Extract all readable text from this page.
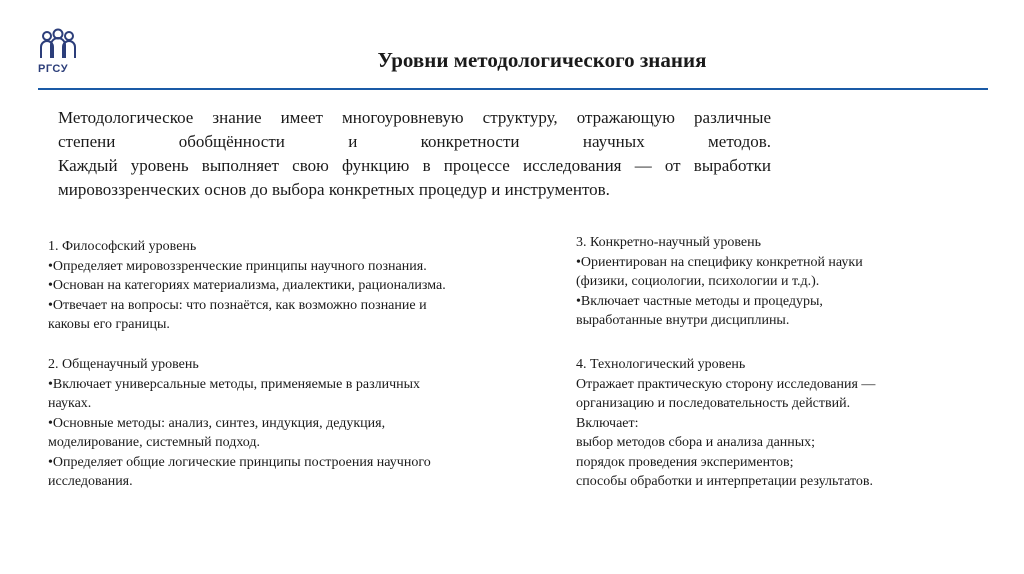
РГСУ	Уровни методологического знания
Методологическое знание имеет многоуровневую структуру, отражающую различные
степени обобщённости и конкретности научных методов.
Каждый уровень выполняет свою функцию в процессе исследования — от выработки
мировоззренческих основ до выбора конкретных процедур и инструментов.
1. Философский уровень
•Определяет мировоззренческие принципы научного познания.
•Основан на категориях материализма, диалектики, рационализма.
•Отвечает на вопросы: что познаётся, как возможно познание и
каковы его границы.
2. Общенаучный уровень
•Включает универсальные методы, применяемые в различных
науках.
•Основные методы: анализ, синтез, индукция, дедукция,
моделирование, системный подход.
•Определяет общие логические принципы построения научного
исследования.
3. Конкретно-научный уровень
•Ориентирован на специфику конкретной науки
(физики, социологии, психологии и т.д.).
•Включает частные методы и процедуры,
выработанные внутри дисциплины.
4. Технологический уровень
Отражает практическую сторону исследования —
организацию и последовательность действий.
Включает:
выбор методов сбора и анализа данных;
порядок проведения экспериментов;
способы обработки и интерпретации результатов.
